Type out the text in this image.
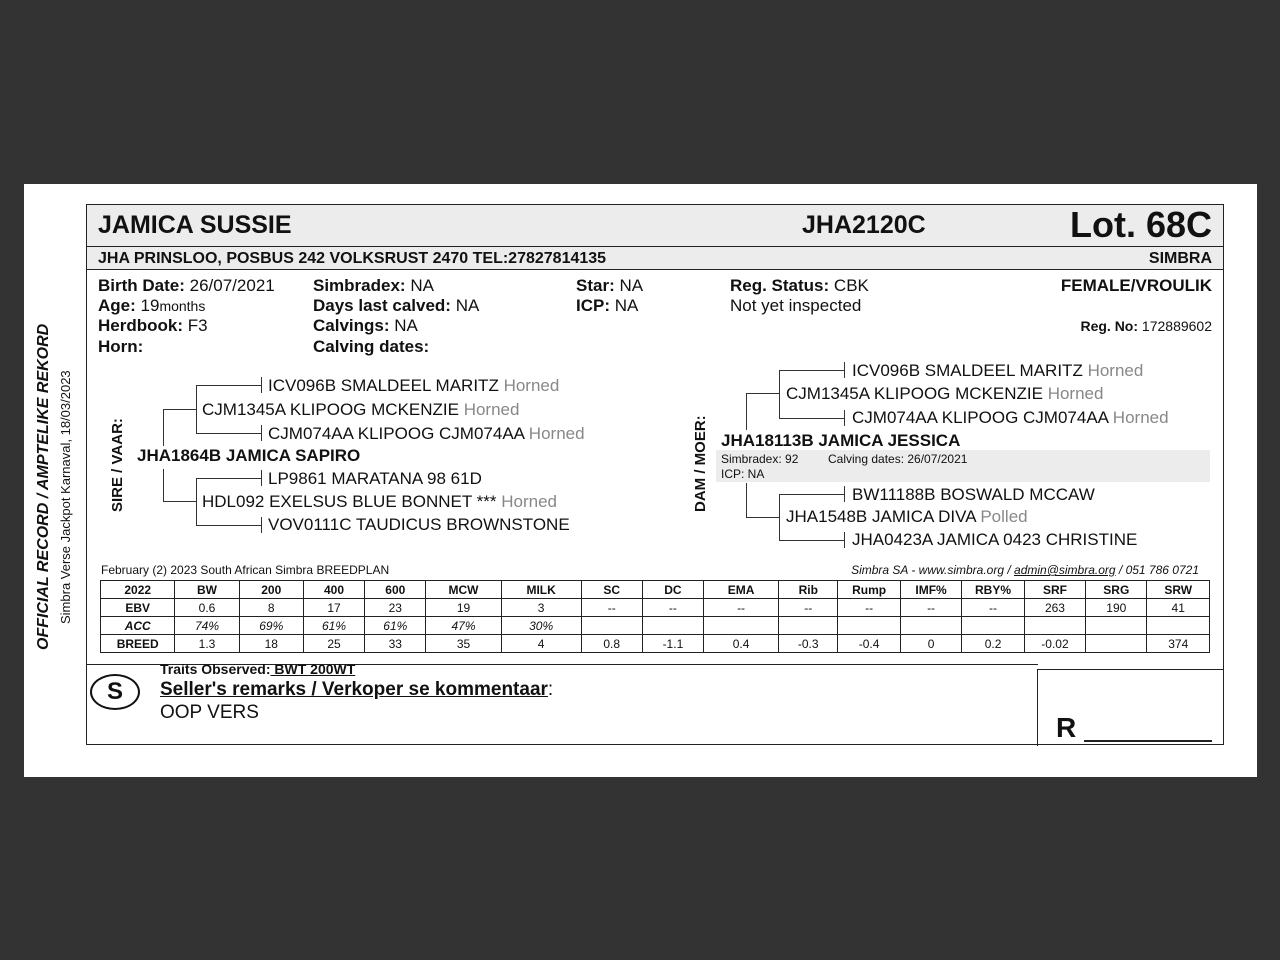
OFFICIAL RECORD / AMPTELIKE REKORD Simbra Verse Jackpot Karnaval, 18/03/2023
JAMICA SUSSIE	JHA2120C	Lot. 68C
JHA PRINSLOO, POSBUS 242 VOLKSRUST 2470 TEL:27827814135	SIMBRA
Birth Date: 26/07/2021
Age: 19months
Herdbook: F3
Horn:
Simbradex: NA
Days last calved: NA
Calvings: NA
Calving dates:
Star: NA
ICP: NA
Reg. Status: CBK
Not yet inspected
FEMALE/VROULIK
Reg. No: 172889602
SIRE / VAAR:
ICV096B SMALDEEL MARITZ Horned
CJM1345A KLIPOOG MCKENZIE Horned
CJM074AA KLIPOOG CJM074AA Horned
JHA1864B JAMICA SAPIRO
LP9861 MARATANA 98 61D
HDL092 EXELSUS BLUE BONNET *** Horned
VOV0111C TAUDICUS BROWNSTONE
DAM / MOER:
ICV096B SMALDEEL MARITZ Horned
CJM1345A KLIPOOG MCKENZIE Horned
CJM074AA KLIPOOG CJM074AA Horned
JHA18113B JAMICA JESSICA
Simbradex: 92 Calving dates: 26/07/2021
ICP: NA
BW11188B BOSWALD MCCAW
JHA1548B JAMICA DIVA Polled
JHA0423A JAMICA 0423 CHRISTINE
February (2) 2023 South African Simbra BREEDPLAN	Simbra SA - www.simbra.org / admin@simbra.org / 051 786 0721
2022	BW	200	400	600	MCW	MILK	SC	DC	EMA	Rib	Rump	IMF%	RBY%	SRF	SRG	SRW
EBV	0.6	8	17	23	19	3	--	--	--	--	--	--	--	263	190	41
ACC	74%	69%	61%	61%	47%	30%										
BREED	1.3	18	25	33	35	4	0.8	-1.1	0.4	-0.3	-0.4	0	0.2	-0.02		374
S
Traits Observed: BWT 200WT
Seller's remarks / Verkoper se kommentaar:
OOP VERS	R
